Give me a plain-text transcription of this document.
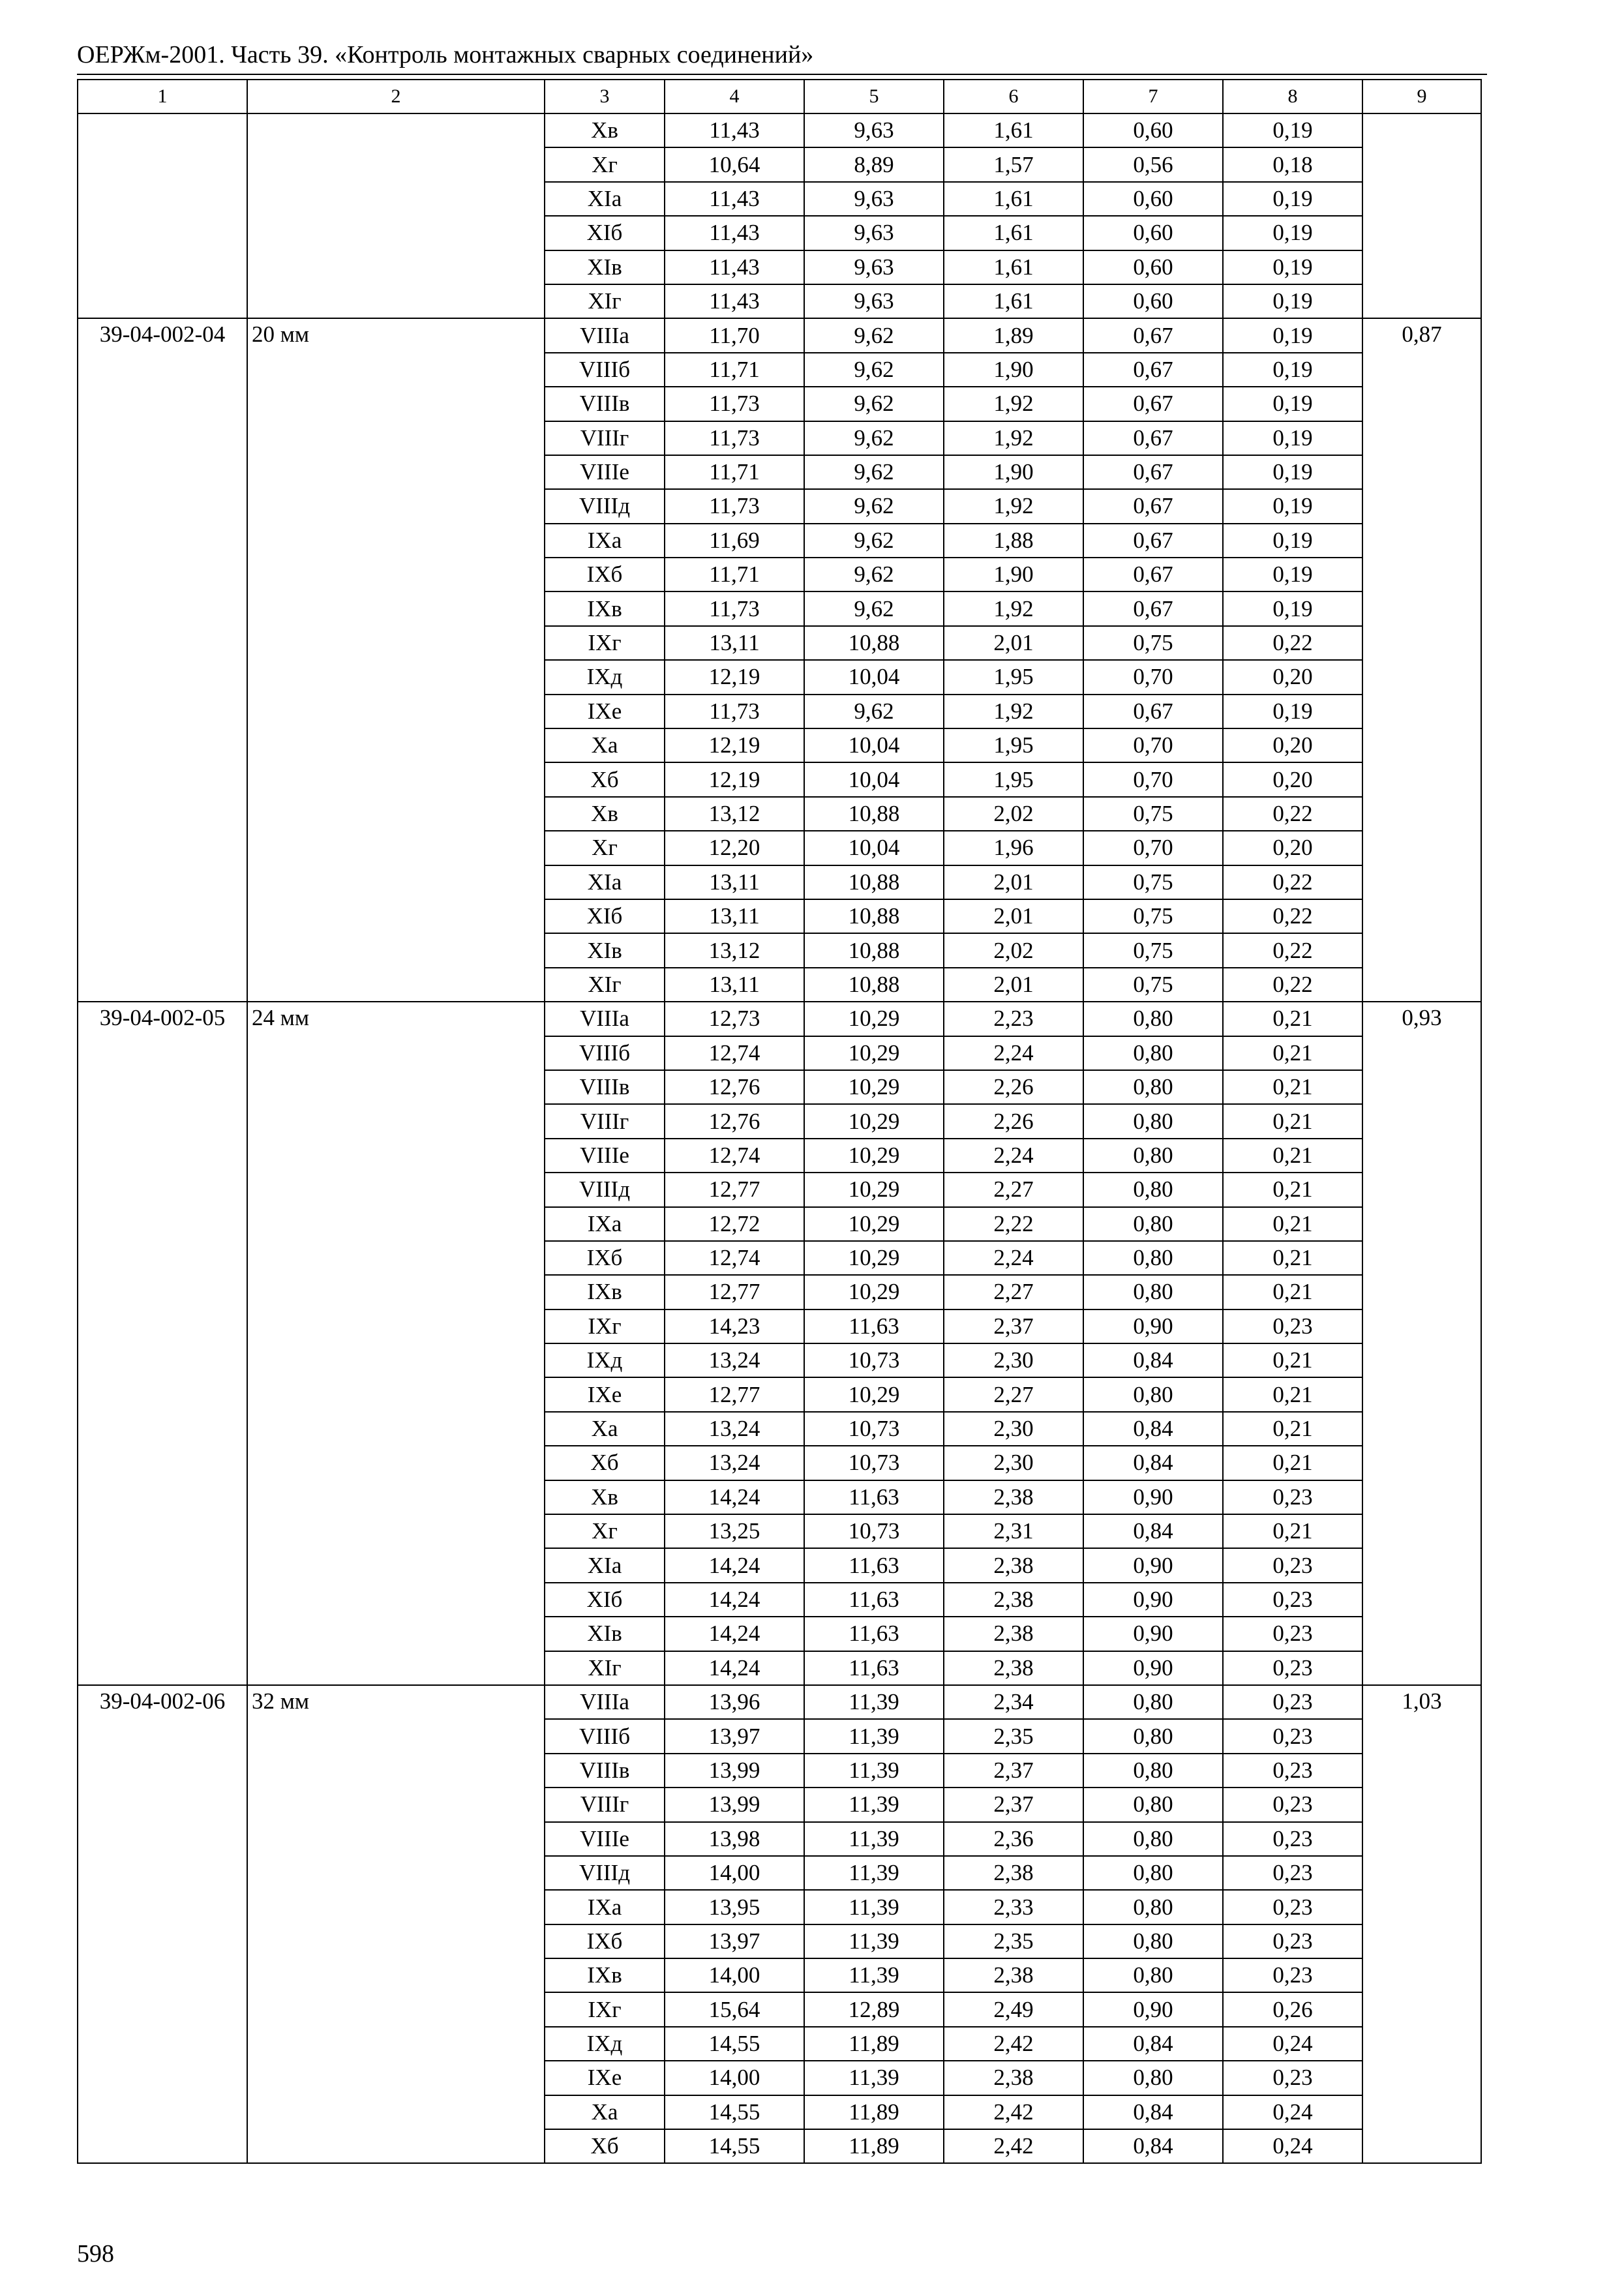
ОЕРЖм-2001. Часть 39. «Контроль монтажных сварных соединений»
1	2	3	4	5	6	7	8	9
		Хв	11,43	9,63	1,61	0,60	0,19	
		Хг	10,64	8,89	1,57	0,56	0,18	
		ХIа	11,43	9,63	1,61	0,60	0,19	
		ХIб	11,43	9,63	1,61	0,60	0,19	
		ХIв	11,43	9,63	1,61	0,60	0,19	
		ХIг	11,43	9,63	1,61	0,60	0,19	
39-04-002-04	20 мм	VIIIа	11,70	9,62	1,89	0,67	0,19	0,87
		VIIIб	11,71	9,62	1,90	0,67	0,19	
		VIIIв	11,73	9,62	1,92	0,67	0,19	
		VIIIг	11,73	9,62	1,92	0,67	0,19	
		VIIIе	11,71	9,62	1,90	0,67	0,19	
		VIIIд	11,73	9,62	1,92	0,67	0,19	
		IХа	11,69	9,62	1,88	0,67	0,19	
		IХб	11,71	9,62	1,90	0,67	0,19	
		IХв	11,73	9,62	1,92	0,67	0,19	
		IХг	13,11	10,88	2,01	0,75	0,22	
		IХд	12,19	10,04	1,95	0,70	0,20	
		IХе	11,73	9,62	1,92	0,67	0,19	
		Ха	12,19	10,04	1,95	0,70	0,20	
		Хб	12,19	10,04	1,95	0,70	0,20	
		Хв	13,12	10,88	2,02	0,75	0,22	
		Хг	12,20	10,04	1,96	0,70	0,20	
		ХIа	13,11	10,88	2,01	0,75	0,22	
		ХIб	13,11	10,88	2,01	0,75	0,22	
		ХIв	13,12	10,88	2,02	0,75	0,22	
		ХIг	13,11	10,88	2,01	0,75	0,22	
39-04-002-05	24 мм	VIIIа	12,73	10,29	2,23	0,80	0,21	0,93
		VIIIб	12,74	10,29	2,24	0,80	0,21	
		VIIIв	12,76	10,29	2,26	0,80	0,21	
		VIIIг	12,76	10,29	2,26	0,80	0,21	
		VIIIе	12,74	10,29	2,24	0,80	0,21	
		VIIIд	12,77	10,29	2,27	0,80	0,21	
		IХа	12,72	10,29	2,22	0,80	0,21	
		IХб	12,74	10,29	2,24	0,80	0,21	
		IХв	12,77	10,29	2,27	0,80	0,21	
		IХг	14,23	11,63	2,37	0,90	0,23	
		IХд	13,24	10,73	2,30	0,84	0,21	
		IХе	12,77	10,29	2,27	0,80	0,21	
		Ха	13,24	10,73	2,30	0,84	0,21	
		Хб	13,24	10,73	2,30	0,84	0,21	
		Хв	14,24	11,63	2,38	0,90	0,23	
		Хг	13,25	10,73	2,31	0,84	0,21	
		ХIа	14,24	11,63	2,38	0,90	0,23	
		ХIб	14,24	11,63	2,38	0,90	0,23	
		ХIв	14,24	11,63	2,38	0,90	0,23	
		ХIг	14,24	11,63	2,38	0,90	0,23	
39-04-002-06	32 мм	VIIIа	13,96	11,39	2,34	0,80	0,23	1,03
		VIIIб	13,97	11,39	2,35	0,80	0,23	
		VIIIв	13,99	11,39	2,37	0,80	0,23	
		VIIIг	13,99	11,39	2,37	0,80	0,23	
		VIIIе	13,98	11,39	2,36	0,80	0,23	
		VIIIд	14,00	11,39	2,38	0,80	0,23	
		IХа	13,95	11,39	2,33	0,80	0,23	
		IХб	13,97	11,39	2,35	0,80	0,23	
		IХв	14,00	11,39	2,38	0,80	0,23	
		IХг	15,64	12,89	2,49	0,90	0,26	
		IХд	14,55	11,89	2,42	0,84	0,24	
		IХе	14,00	11,39	2,38	0,80	0,23	
		Ха	14,55	11,89	2,42	0,84	0,24	
		Хб	14,55	11,89	2,42	0,84	0,24	
598
